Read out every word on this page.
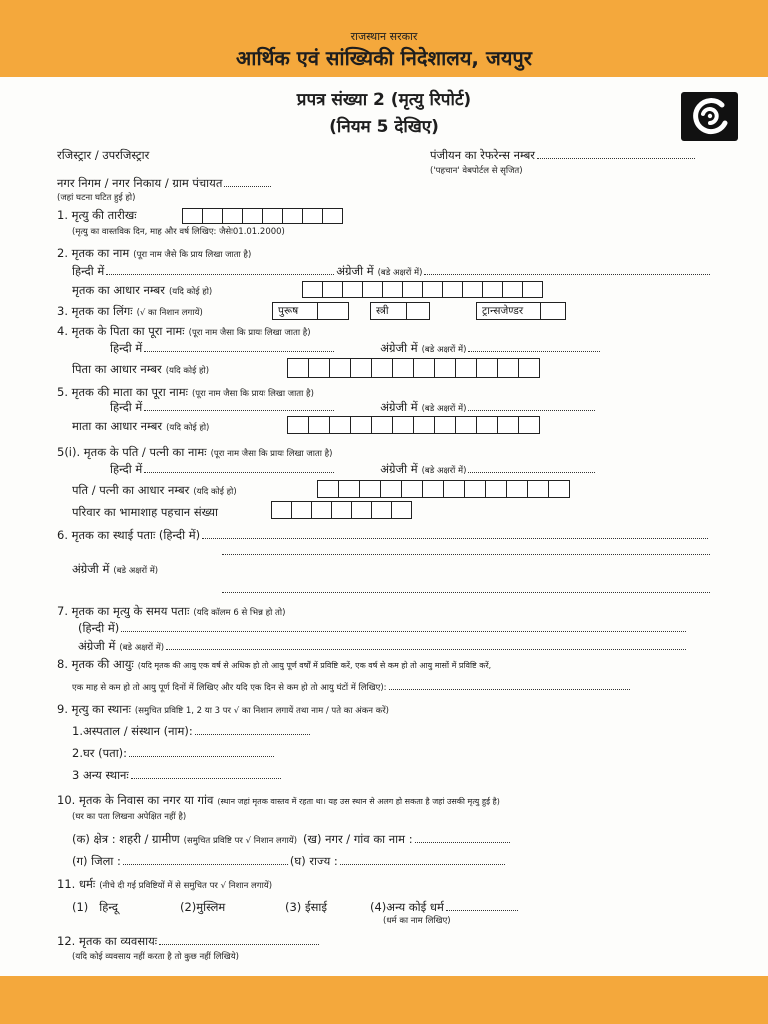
राजस्थान सरकार
आर्थिक एवं सांख्यिकी निदेशालय, जयपुर
प्रपत्र संख्या 2 (मृत्यु रिपोर्ट)
(नियम 5 देखिए)
रजिस्ट्रार / उपरजिस्ट्रार	पंजीयन का रेफरेन्स नम्बर
('पहचान' वेबपोर्टल से सृजित)
नगर निगम / नगर निकाय / ग्राम पंचायत
(जहां घटना घटित हुई हो)
1. मृत्यु की तारीखः
(मृत्यु का वास्तविक दिन, माह और वर्ष लिखिए: जैसेः01.01.2000)
2. मृतक का नाम (पूरा नाम जैसे कि प्राय लिखा जाता है)
हिन्दी में	अंग्रेजी में (बडे अक्षरों में)
मृतक का आधार नम्बर (यदि कोई हो)
3. मृतक का लिंगः (√ का निशान लगायें)	पुरूष	स्त्री	ट्रान्सजेण्डर
4. मृतक के पिता का पूरा नामः (पूरा नाम जैसा कि प्रायः लिखा जाता है)
हिन्दी में	अंग्रेजी में (बडे अक्षरों में)
पिता का आधार नम्बर (यदि कोई हो)
5. मृतक की माता का पूरा नामः (पूरा नाम जैसा कि प्रायः लिखा जाता है)
हिन्दी में	अंग्रेजी में (बडे अक्षरों में)
माता का आधार नम्बर (यदि कोई हो)
5(i). मृतक के पति / पत्नी का नामः (पूरा नाम जैसा कि प्रायः लिखा जाता है)
हिन्दी में	अंग्रेजी में (बडे अक्षरों में)
पति / पत्नी का आधार नम्बर (यदि कोई हो)
परिवार का भामाशाह पहचान संख्या
6. मृतक का स्थाई पताः (हिन्दी में)
अंग्रेजी में (बडे अक्षरों में)
7. मृतक का मृत्यु के समय पताः (यदि कॉलम 6 से भिन्न हो तो)
(हिन्दी में)
अंग्रेजी में (बडे अक्षरों में)
8. मृतक की आयुः (यदि मृतक की आयु एक वर्ष से अधिक हो तो आयु पूर्ण वर्षों में प्रविष्टि करें, एक वर्ष से कम हो तो आयु मासों में प्रविष्टि करें,
एक माह से कम हो तो आयु पूर्ण दिनों में लिखिए और यदि एक दिन से कम हो तो आयु घंटों में लिखिए):
9. मृत्यु का स्थानः (समुचित प्रविष्टि 1, 2 या 3 पर √ का निशान लगायें तथा नाम / पते का अंकन करें)
1.अस्पताल / संस्थान (नाम):
2.घर (पता):
3 अन्य स्थानः
10. मृतक के निवास का नगर या गांव (स्थान जहां मृतक वास्तव में रहता था। यह उस स्थान से अलग हो सकता है जहां उसकी मृत्यु हुई है)
(घर का पता लिखना अपेक्षित नहीं है)
(क) क्षेत्र : शहरी / ग्रामीण (समुचित प्रविष्टि पर √ निशान लगायें) (ख) नगर / गांव का नाम :
(ग) जिला :	(घ) राज्य :
11. धर्मः (नीचे दी गई प्रविष्टियों में से समुचित पर √ निशान लगायें)
(1)   हिन्दू	(2)मुस्लिम	(3) ईसाई	(4)अन्य कोई धर्म
(धर्म का नाम लिखिए)
12. मृतक का व्यवसायः
(यदि कोई व्यवसाय नहीं करता है तो कुछ नहीं लिखिये)
